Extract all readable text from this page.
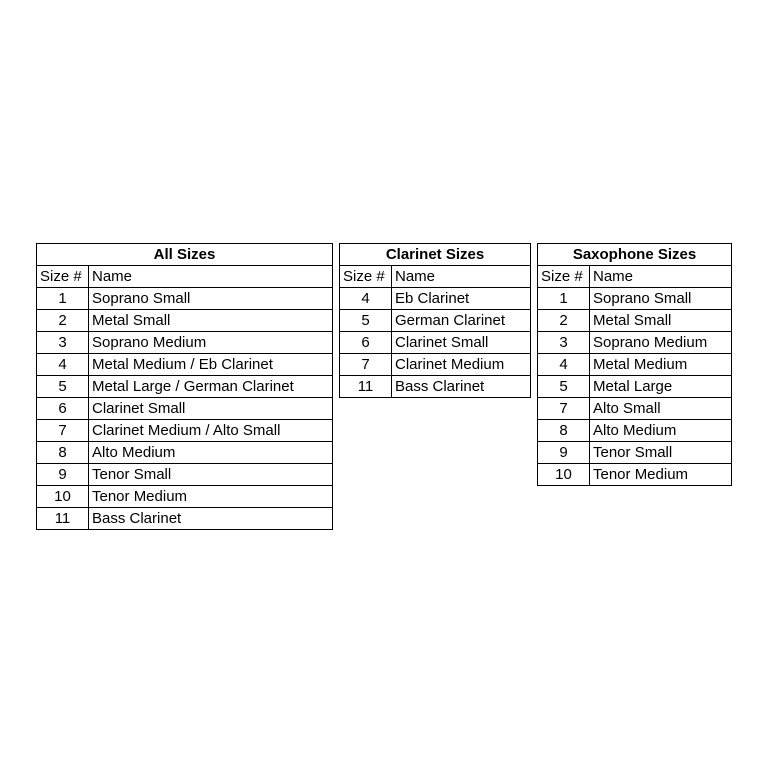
All Sizes	
Size #	Name
1	Soprano Small
2	Metal Small
3	Soprano Medium
4	Metal Medium / Eb Clarinet
5	Metal Large / German Clarinet
6	Clarinet Small
7	Clarinet Medium / Alto Small
8	Alto Medium
9	Tenor Small
10	Tenor Medium
11	Bass Clarinet
Clarinet Sizes	
Size #	Name
4	Eb Clarinet
5	German Clarinet
6	Clarinet Small
7	Clarinet Medium
11	Bass Clarinet
Saxophone Sizes	
Size #	Name
1	Soprano Small
2	Metal Small
3	Soprano Medium
4	Metal Medium
5	Metal Large
7	Alto Small
8	Alto Medium
9	Tenor Small
10	Tenor Medium
